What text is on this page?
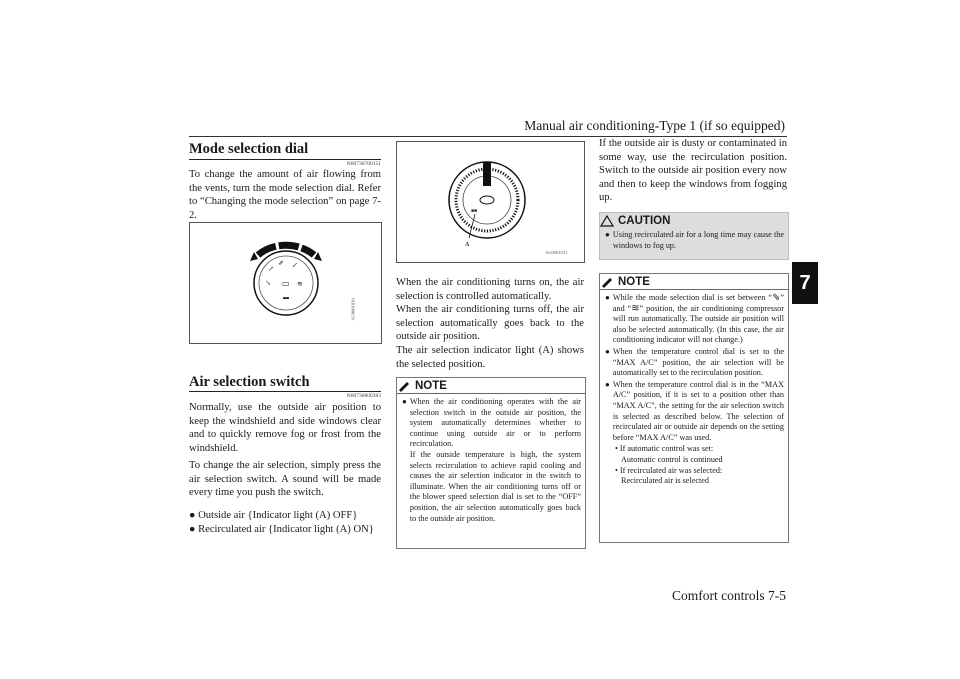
Manual air conditioning-Type 1 (if so equipped)
7
Mode selection dial
N00736700151
To change the amount of air flowing from the vents, turn the mode selection dial. Refer to “Changing the mode selection” on page 7-2.
↗
⇗ ↙
↘ ▭ ≋
▬
AG0001020
Air selection switch
N00736800383
Normally, use the outside air position to keep the windshield and side windows clear and to quickly remove fog or frost from the windshield.
To change the air selection, simply press the air selection switch. A sound will be made every time you push the switch.
● Outside air {Indicator light (A) OFF}
● Recirculated air {Indicator light (A) ON}
■■
A
AG0001031
When the air conditioning turns on, the air selection is controlled automatically.
When the air conditioning turns off, the air selection automatically goes back to the outside air position.
The air selection indicator light (A) shows the selected position.
NOTE
● When the air conditioning operates with the air selection switch in the outside air position, the system automatically determines whether to continue using outside air or to perform recirculation.
If the outside temperature is high, the system selects recirculation to achieve rapid cooling and causes the air selection indicator in the switch to illuminate. When the air conditioning turns off or the blower speed selection dial is set to the “OFF” position, the air selection automatically goes back to the outside air position.
If the outside air is dusty or contaminated in some way, use the recirculation position. Switch to the outside air position every now and then to keep the windows from fogging up.
CAUTION
● Using recirculated air for a long time may cause the windows to fog up.
NOTE
● While the mode selection dial is set between “⇘” and “≋” position, the air conditioning compressor will run automatically. The outside air position will also be selected automatically. (In this case, the air conditioning indicator will not change.)
● When the temperature control dial is set to the “MAX A/C” position, the air selection will be automatically set to the recirculation position.
● When the temperature control dial is in the “MAX A/C” position, if it is set to a position other than “MAX A/C”, the setting for the air selection switch is selected as described below. The selection of recirculated air or outside air depends on the setting before “MAX A/C” was used.
• If automatic control was set:
Automatic control is continued
• If recirculated air was selected:
Recirculated air is selected
Comfort controls 7-5
